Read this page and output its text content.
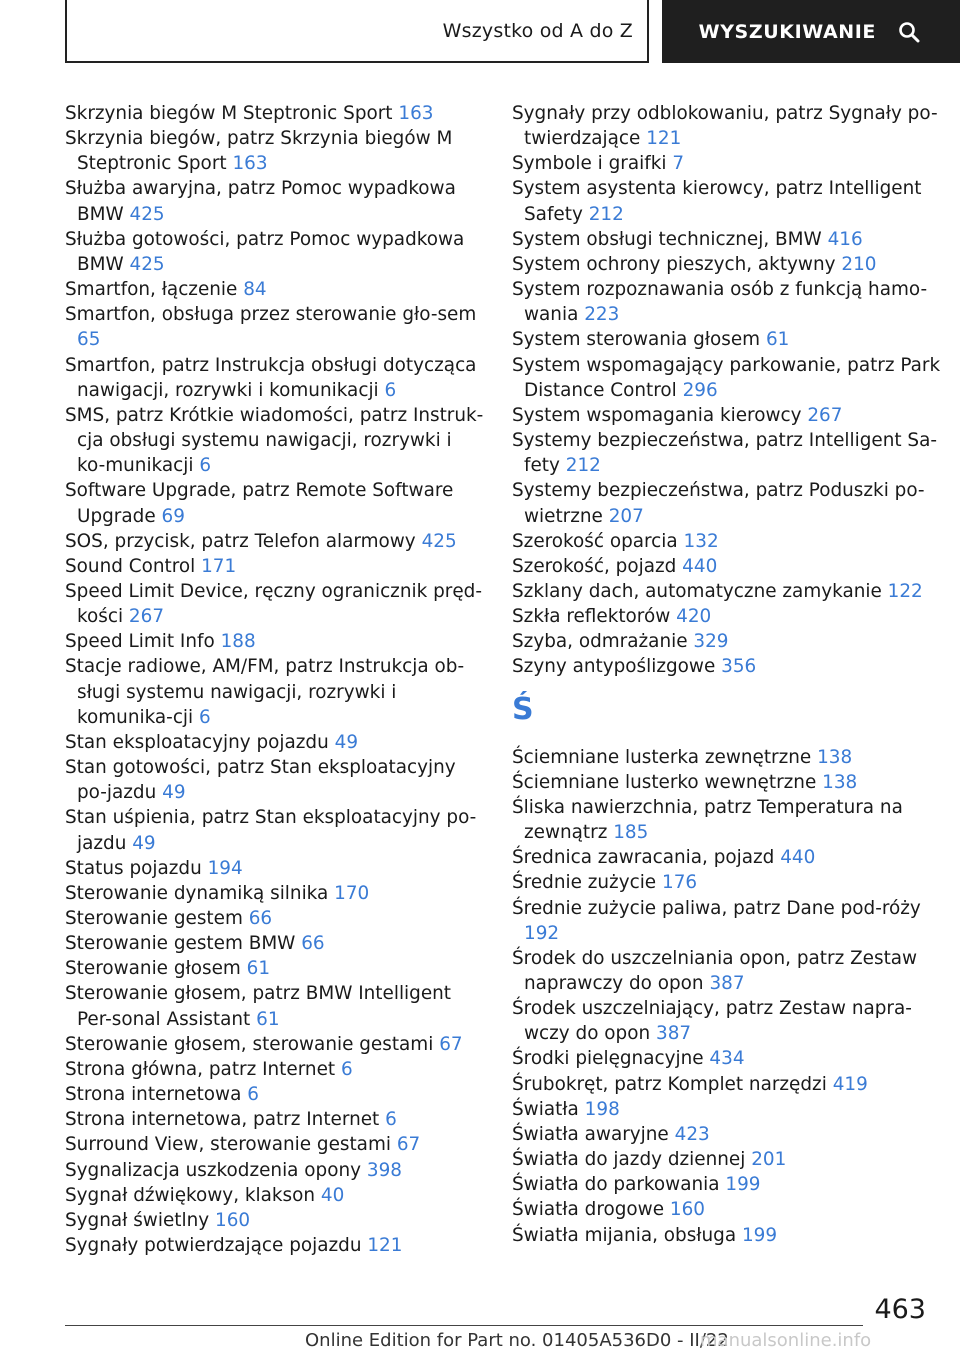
Wszystko od A do Z	WYSZUKIWANIE
Skrzynia biegów M Steptronic Sport 163
Skrzynia biegów, patrz Skrzynia biegów M Steptronic Sport 163
Służba awaryjna, patrz Pomoc wypadkowa BMW 425
Służba gotowości, patrz Pomoc wypadkowa BMW 425
Smartfon, łączenie 84
Smartfon, obsługa przez sterowanie gło-sem 65
Smartfon, patrz Instrukcja obsługi dotycząca nawigacji, rozrywki i komunikacji 6
SMS, patrz Krótkie wiadomości, patrz Instruk-cja obsługi systemu nawigacji, rozrywki i ko-munikacji 6
Software Upgrade, patrz Remote Software Upgrade 69
SOS, przycisk, patrz Telefon alarmowy 425
Sound Control 171
Speed Limit Device, ręczny ogranicznik pręd-kości 267
Speed Limit Info 188
Stacje radiowe, AM/FM, patrz Instrukcja ob-sługi systemu nawigacji, rozrywki i komunika-cji 6
Stan eksploatacyjny pojazdu 49
Stan gotowości, patrz Stan eksploatacyjny po-jazdu 49
Stan uśpienia, patrz Stan eksploatacyjny po-jazdu 49
Status pojazdu 194
Sterowanie dynamiką silnika 170
Sterowanie gestem 66
Sterowanie gestem BMW 66
Sterowanie głosem 61
Sterowanie głosem, patrz BMW Intelligent Per-sonal Assistant 61
Sterowanie głosem, sterowanie gestami 67
Strona główna, patrz Internet 6
Strona internetowa 6
Strona internetowa, patrz Internet 6
Surround View, sterowanie gestami 67
Sygnalizacja uszkodzenia opony 398
Sygnał dźwiękowy, klakson 40
Sygnał świetlny 160
Sygnały potwierdzające pojazdu 121
Sygnały przy odblokowaniu, patrz Sygnały po-twierdzające 121
Symbole i graifki 7
System asystenta kierowcy, patrz Intelligent Safety 212
System obsługi technicznej, BMW 416
System ochrony pieszych, aktywny 210
System rozpoznawania osób z funkcją hamo-wania 223
System sterowania głosem 61
System wspomagający parkowanie, patrz Park Distance Control 296
System wspomagania kierowcy 267
Systemy bezpieczeństwa, patrz Intelligent Sa-fety 212
Systemy bezpieczeństwa, patrz Poduszki po-wietrzne 207
Szerokość oparcia 132
Szerokość, pojazd 440
Szklany dach, automatyczne zamykanie 122
Szkła reflektorów 420
Szyba, odmrażanie 329
Szyny antypoślizgowe 356
Ś
Ściemniane lusterka zewnętrzne 138
Ściemniane lusterko wewnętrzne 138
Śliska nawierzchnia, patrz Temperatura na zewnątrz 185
Średnica zawracania, pojazd 440
Średnie zużycie 176
Średnie zużycie paliwa, patrz Dane pod-róży 192
Środek do uszczelniania opon, patrz Zestaw naprawczy do opon 387
Środek uszczelniający, patrz Zestaw napra-wczy do opon 387
Środki pielęgnacyjne 434
Śrubokręt, patrz Komplet narzędzi 419
Światła 198
Światła awaryjne 423
Światła do jazdy dziennej 201
Światła do parkowania 199
Światła drogowe 160
Światła mijania, obsługa 199
463
Online Edition for Part no. 01405A536D0 - II/22
manualsonline.info
